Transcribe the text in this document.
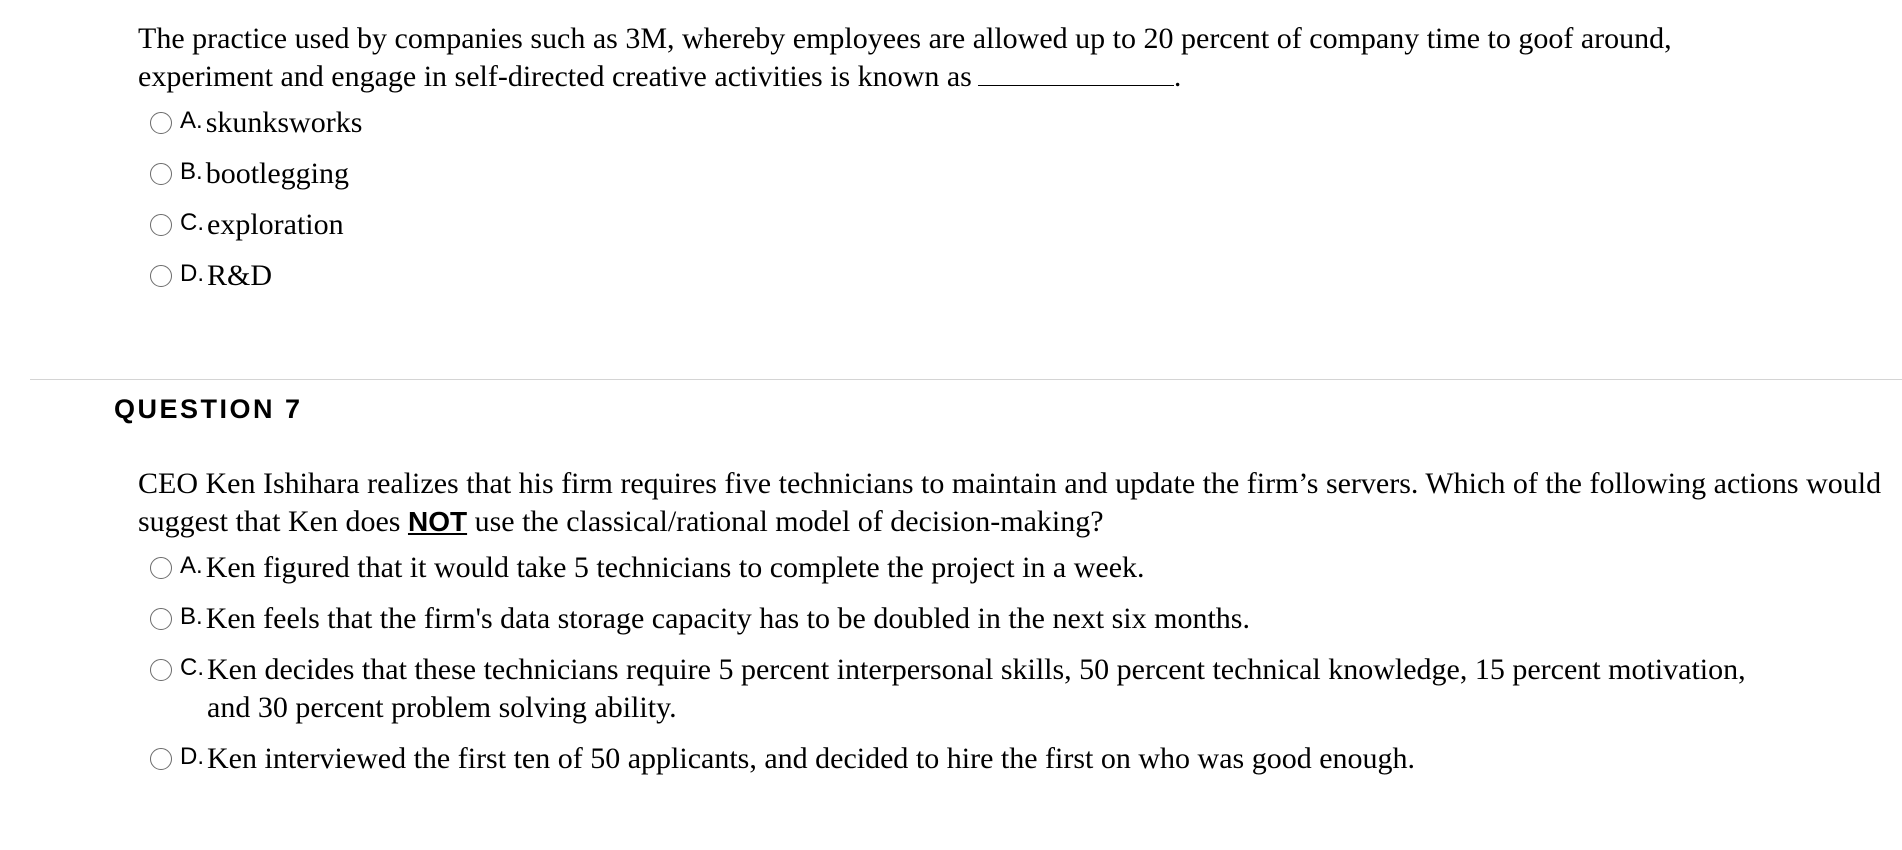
The practice used by companies such as 3M, whereby employees are allowed up to 20 percent of company time to goof around,
experiment and engage in self-directed creative activities is known as	.

A. skunksworks
B. bootlegging
C. exploration
D. R&D
QUESTION 7

CEO Ken Ishihara realizes that his firm requires five technicians to maintain and update the firm’s servers. Which of the following actions would suggest that Ken does NOT use the classical/rational model of decision-making?

A. Ken figured that it would take 5 technicians to complete the project in a week.
B. Ken feels that the firm's data storage capacity has to be doubled in the next six months.
C. Ken decides that these technicians require 5 percent interpersonal skills, 50 percent technical knowledge, 15 percent motivation, and 30 percent problem solving ability.
D. Ken interviewed the first ten of 50 applicants, and decided to hire the first on who was good enough.
